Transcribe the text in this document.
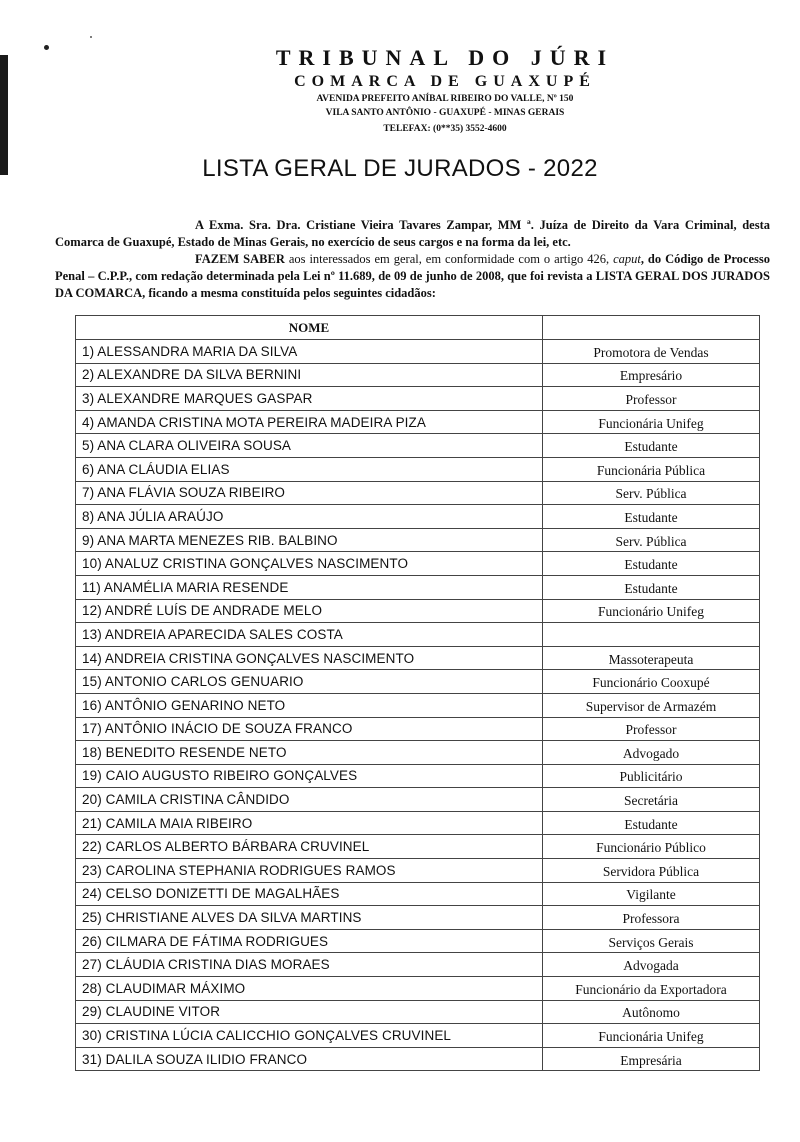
TRIBUNAL DO JÚRI
COMARCA DE GUAXUPÉ
AVENIDA PREFEITO ANÍBAL RIBEIRO DO VALLE, Nº 150
VILA SANTO ANTÔNIO - GUAXUPÉ - MINAS GERAIS
TELEFAX: (0**35) 3552-4600
LISTA GERAL DE JURADOS - 2022

A Exma. Sra. Dra. Cristiane Vieira Tavares Zampar, MM ª. Juíza de Direito da Vara Criminal, desta Comarca de Guaxupé, Estado de Minas Gerais, no exercício de seus cargos e na forma da lei, etc.

FAZEM SABER aos interessados em geral, em conformidade com o artigo 426, caput, do Código de Processo Penal – C.P.P., com redação determinada pela Lei nº 11.689, de 09 de junho de 2008, que foi revista a LISTA GERAL DOS JURADOS DA COMARCA, ficando a mesma constituída pelos seguintes cidadãos:

NOME	
1) ALESSANDRA MARIA DA SILVA	Promotora de Vendas
2) ALEXANDRE DA SILVA BERNINI	Empresário
3) ALEXANDRE MARQUES GASPAR	Professor
4) AMANDA CRISTINA MOTA PEREIRA MADEIRA PIZA	Funcionária Unifeg
5) ANA CLARA OLIVEIRA SOUSA	Estudante
6) ANA CLÁUDIA ELIAS	Funcionária Pública
7) ANA FLÁVIA SOUZA RIBEIRO	Serv. Pública
8) ANA JÚLIA ARAÚJO	Estudante
9) ANA MARTA MENEZES RIB. BALBINO	Serv. Pública
10) ANALUZ CRISTINA GONÇALVES NASCIMENTO	Estudante
11) ANAMÉLIA MARIA RESENDE	Estudante
12) ANDRÉ LUÍS DE ANDRADE MELO	Funcionário Unifeg
13) ANDREIA APARECIDA SALES COSTA	
14) ANDREIA CRISTINA GONÇALVES NASCIMENTO	Massoterapeuta
15) ANTONIO CARLOS GENUARIO	Funcionário Cooxupé
16) ANTÔNIO GENARINO NETO	Supervisor de Armazém
17) ANTÔNIO INÁCIO DE SOUZA FRANCO	Professor
18) BENEDITO RESENDE NETO	Advogado
19) CAIO AUGUSTO RIBEIRO GONÇALVES	Publicitário
20) CAMILA CRISTINA CÂNDIDO	Secretária
21) CAMILA MAIA RIBEIRO	Estudante
22) CARLOS ALBERTO BÁRBARA CRUVINEL	Funcionário Público
23) CAROLINA STEPHANIA RODRIGUES RAMOS	Servidora Pública
24) CELSO DONIZETTI DE MAGALHÃES	Vigilante
25) CHRISTIANE ALVES DA SILVA MARTINS	Professora
26) CILMARA DE FÁTIMA RODRIGUES	Serviços Gerais
27) CLÁUDIA CRISTINA DIAS MORAES	Advogada
28) CLAUDIMAR MÁXIMO	Funcionário da Exportadora
29) CLAUDINE VITOR	Autônomo
30) CRISTINA LÚCIA CALICCHIO GONÇALVES CRUVINEL	Funcionária Unifeg
31) DALILA SOUZA ILIDIO FRANCO	Empresária
